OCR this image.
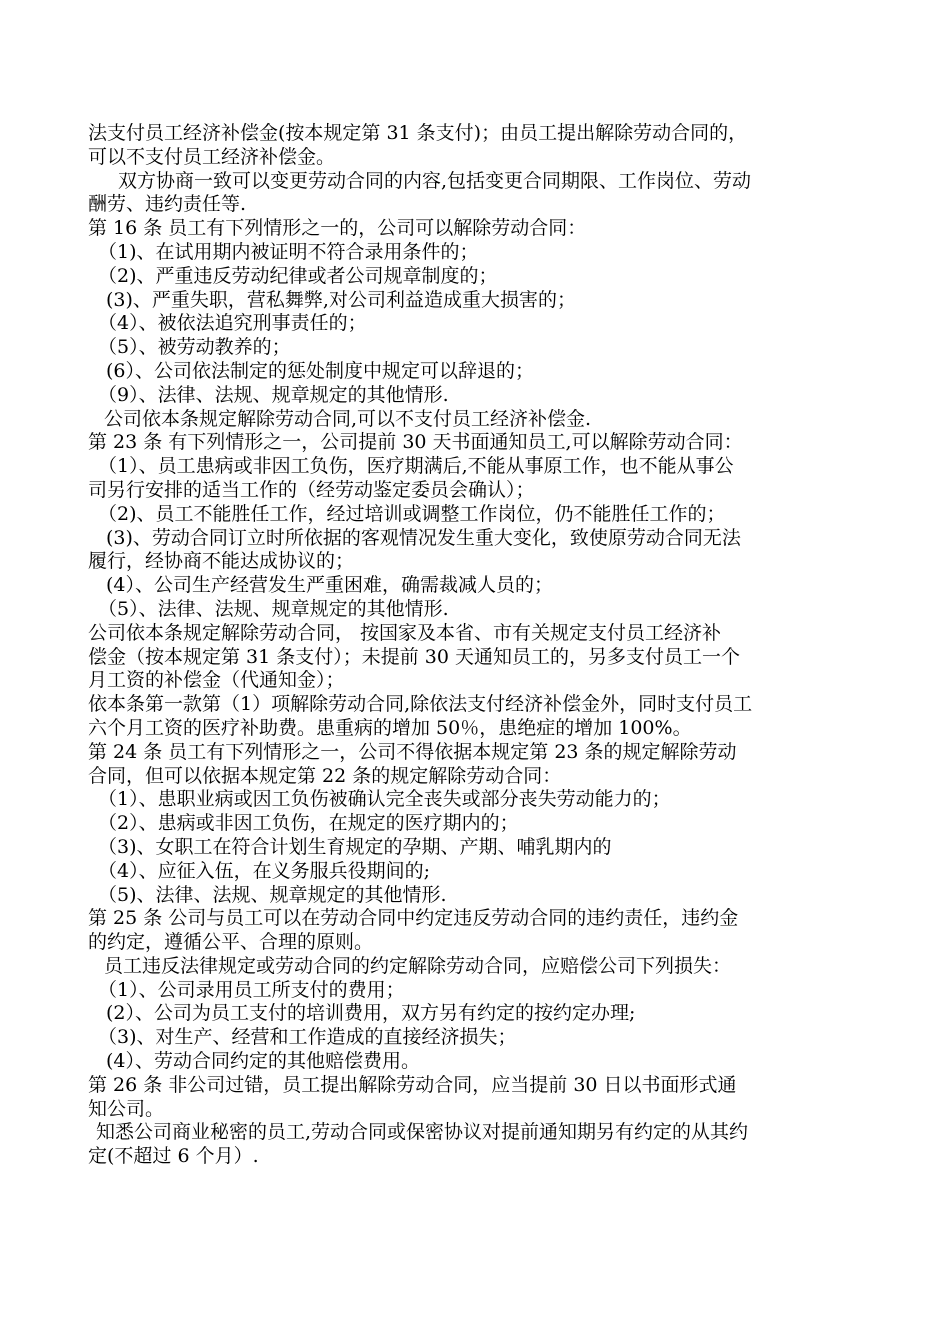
法支付员工经济补偿金(按本规定第 31 条支付)；由员工提出解除劳动合同的，
可以不支付员工经济补偿金。
双方协商一致可以变更劳动合同的内容,包括变更合同期限、工作岗位、劳动
酬劳、违约责任等.
第 16 条 员工有下列情形之一的，公司可以解除劳动合同：
（1)、在试用期内被证明不符合录用条件的；
（2)、严重违反劳动纪律或者公司规章制度的；
(3)、严重失职，营私舞弊,对公司利益造成重大损害的；
（4）、被依法追究刑事责任的；
（5）、被劳动教养的；
(6）、公司依法制定的惩处制度中规定可以辞退的；
（9）、法律、法规、规章规定的其他情形.
公司依本条规定解除劳动合同,可以不支付员工经济补偿金.
第 23 条 有下列情形之一，公司提前 30 天书面通知员工,可以解除劳动合同：
（1）、员工患病或非因工负伤，医疗期满后,不能从事原工作，也不能从事公
司另行安排的适当工作的（经劳动鉴定委员会确认）；
（2)、员工不能胜任工作，经过培训或调整工作岗位，仍不能胜任工作的；
(3)、劳动合同订立时所依据的客观情况发生重大变化，致使原劳动合同无法
履行，经协商不能达成协议的；
(4）、公司生产经营发生严重困难，确需裁减人员的；
（5）、法律、法规、规章规定的其他情形.
公司依本条规定解除劳动合同， 按国家及本省、市有关规定支付员工经济补
偿金（按本规定第 31 条支付）；未提前 30 天通知员工的，另多支付员工一个
月工资的补偿金（代通知金）；
依本条第一款第（1）项解除劳动合同,除依法支付经济补偿金外，同时支付员工
六个月工资的医疗补助费。患重病的增加 50％，患绝症的增加 100%。
第 24 条 员工有下列情形之一，公司不得依据本规定第 23 条的规定解除劳动
合同，但可以依据本规定第 22 条的规定解除劳动合同：
（1）、患职业病或因工负伤被确认完全丧失或部分丧失劳动能力的；
（2）、患病或非因工负伤，在规定的医疗期内的；
（3)、女职工在符合计划生育规定的孕期、产期、哺乳期内的
（4）、应征入伍，在义务服兵役期间的;
（5)、法律、法规、规章规定的其他情形.
第 25 条 公司与员工可以在劳动合同中约定违反劳动合同的违约责任，违约金
的约定，遵循公平、合理的原则。
员工违反法律规定或劳动合同的约定解除劳动合同，应赔偿公司下列损失：
（1）、公司录用员工所支付的费用；
(2）、公司为员工支付的培训费用，双方另有约定的按约定办理;
（3)、对生产、经营和工作造成的直接经济损失；
(4）、劳动合同约定的其他赔偿费用。
第 26 条 非公司过错，员工提出解除劳动合同，应当提前 30 日以书面形式通
知公司。
知悉公司商业秘密的员工,劳动合同或保密协议对提前通知期另有约定的从其约
定(不超过 6 个月）.
